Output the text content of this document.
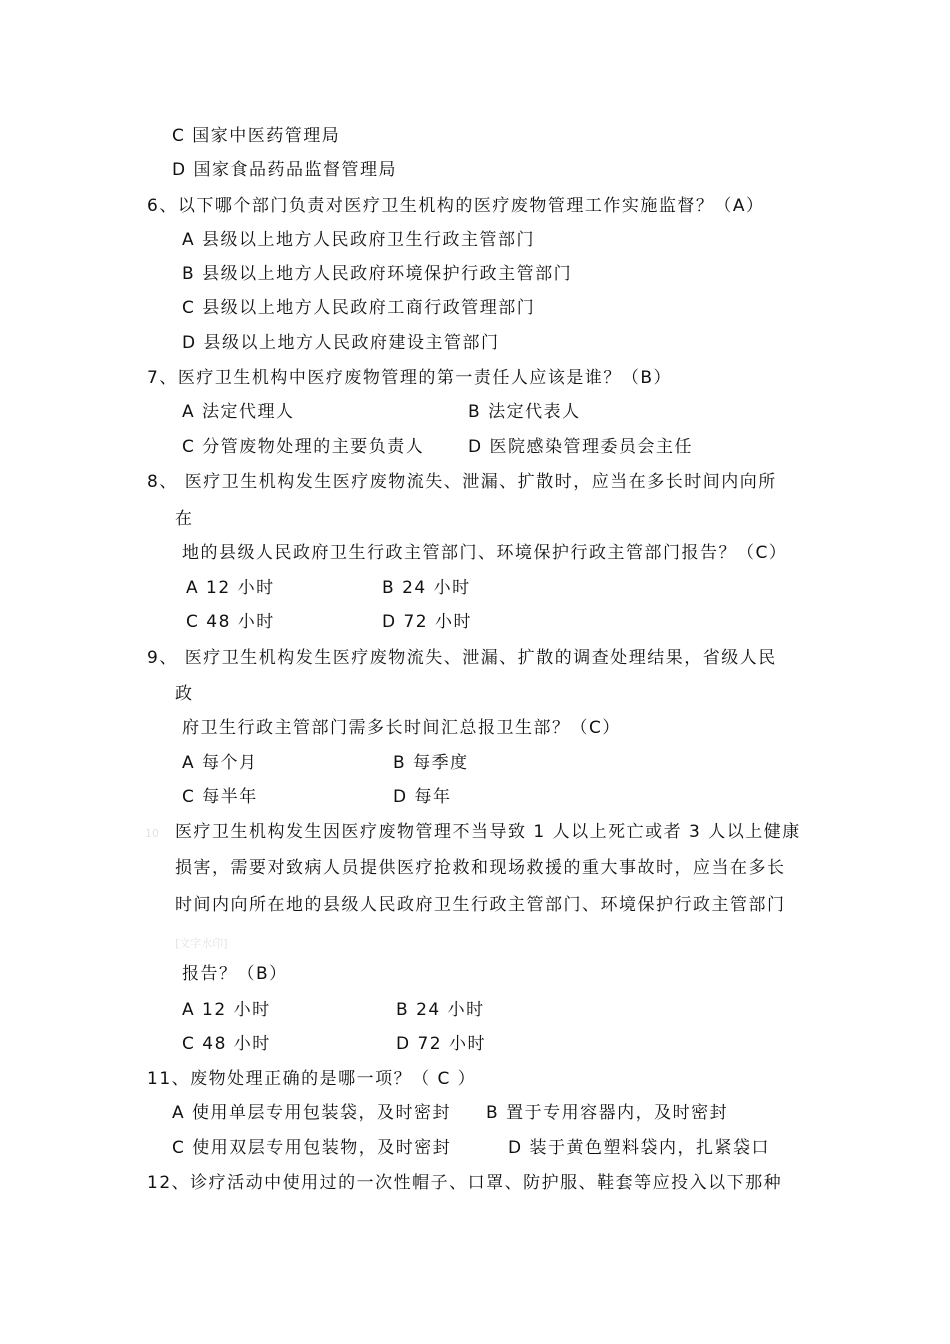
C 国家中医药管理局
D 国家食品药品监督管理局
6、以下哪个部门负责对医疗卫生机构的医疗废物管理工作实施监督？（A）
A 县级以上地方人民政府卫生行政主管部门
B 县级以上地方人民政府环境保护行政主管部门
C 县级以上地方人民政府工商行政管理部门
D 县级以上地方人民政府建设主管部门
7、医疗卫生机构中医疗废物管理的第一责任人应该是谁？（B）
A 法定代理人	B 法定代表人
C 分管废物处理的主要负责人	D 医院感染管理委员会主任
8、 医疗卫生机构发生医疗废物流失、泄漏、扩散时，应当在多长时间内向所
在
地的县级人民政府卫生行政主管部门、环境保护行政主管部门报告？（C）
A 12 小时	B 24 小时
C 48 小时	D 72 小时
9、 医疗卫生机构发生医疗废物流失、泄漏、扩散的调查处理结果，省级人民
政
府卫生行政主管部门需多长时间汇总报卫生部？（C）
A 每个月	B 每季度
C 每半年	D 每年
10 医疗卫生机构发生因医疗废物管理不当导致 1 人以上死亡或者 3 人以上健康
损害，需要对致病人员提供医疗抢救和现场救援的重大事故时，应当在多长
时间内向所在地的县级人民政府卫生行政主管部门、环境保护行政主管部门
[文字水印]
报告？（B）
A 12 小时	B 24 小时
C 48 小时	D 72 小时
11、废物处理正确的是哪一项？（ C ）
A 使用单层专用包装袋，及时密封 B 置于专用容器内，及时密封
C 使用双层专用包装物，及时密封	D 装于黄色塑料袋内，扎紧袋口
12、诊疗活动中使用过的一次性帽子、口罩、防护服、鞋套等应投入以下那种
